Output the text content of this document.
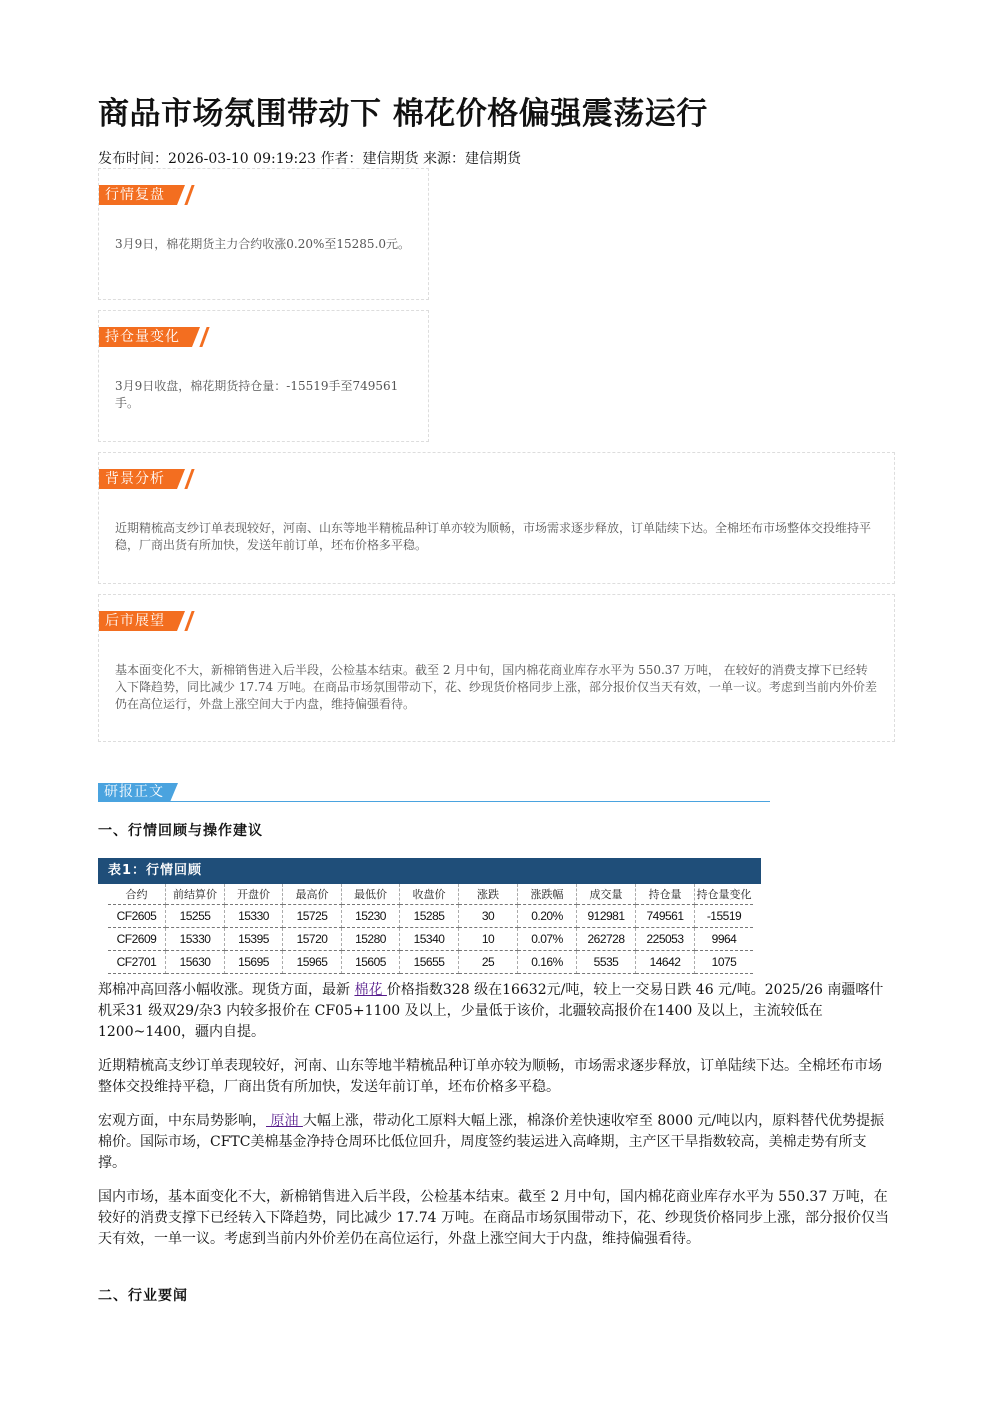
商品市场氛围带动下 棉花价格偏强震荡运行
发布时间：2026-03-10 09:19:23 作者：建信期货 来源：建信期货
行情复盘
3月9日，棉花期货主力合约收涨0.20%至15285.0元。
持仓量变化
3月9日收盘，棉花期货持仓量：-15519手至749561手。
背景分析
近期精梳高支纱订单表现较好，河南、山东等地半精梳品种订单亦较为顺畅，市场需求逐步释放，订单陆续下达。全棉坯布市场整体交投维持平稳，厂商出货有所加快，发送年前订单，坯布价格多平稳。
后市展望
基本面变化不大，新棉销售进入后半段，公检基本结束。截至 2 月中旬，国内棉花商业库存水平为 550.37 万吨， 在较好的消费支撑下已经转入下降趋势，同比减少 17.74 万吨。在商品市场氛围带动下，花、纱现货价格同步上涨，部分报价仅当天有效，一单一议。考虑到当前内外价差仍在高位运行，外盘上涨空间大于内盘，维持偏强看待。
研报正文
一、行情回顾与操作建议
表1：行情回顾
合约	前结算价	开盘价	最高价	最低价	收盘价	涨跌	涨跌幅	成交量	持仓量	持仓量变化
CF2605	15255	15330	15725	15230	15285	30	0.20%	912981	749561	-15519
CF2609	15330	15395	15720	15280	15340	10	0.07%	262728	225053	9964
CF2701	15630	15695	15965	15605	15655	25	0.16%	5535	14642	1075

郑棉冲高回落小幅收涨。现货方面，最新 棉花 价格指数328 级在16632元/吨，较上一交易日跌 46 元/吨。2025/26 南疆喀什机采31 级双29/杂3 内较多报价在 CF05+1100 及以上，少量低于该价，北疆较高报价在1400 及以上，主流较低在 1200~1400，疆内自提。

近期精梳高支纱订单表现较好，河南、山东等地半精梳品种订单亦较为顺畅，市场需求逐步释放，订单陆续下达。全棉坯布市场整体交投维持平稳，厂商出货有所加快，发送年前订单，坯布价格多平稳。

宏观方面，中东局势影响， 原油 大幅上涨，带动化工原料大幅上涨，棉涤价差快速收窄至 8000 元/吨以内，原料替代优势提振棉价。国际市场，CFTC美棉基金净持仓周环比低位回升，周度签约装运进入高峰期，主产区干旱指数较高，美棉走势有所支撑。

国内市场，基本面变化不大，新棉销售进入后半段，公检基本结束。截至 2 月中旬，国内棉花商业库存水平为 550.37 万吨，在较好的消费支撑下已经转入下降趋势，同比减少 17.74 万吨。在商品市场氛围带动下，花、纱现货价格同步上涨，部分报价仅当天有效，一单一议。考虑到当前内外价差仍在高位运行，外盘上涨空间大于内盘，维持偏强看待。

二、行业要闻
